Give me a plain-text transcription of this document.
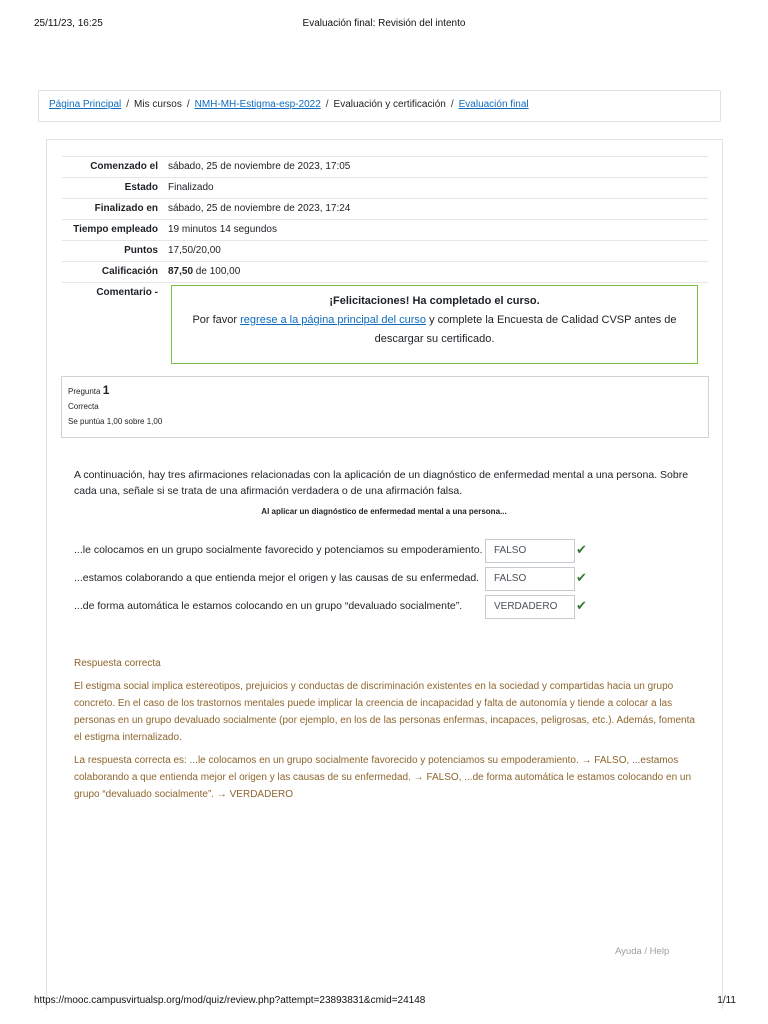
25/11/23, 16:25	Evaluación final: Revisión del intento
Página Principal / Mis cursos / NMH-MH-Estigma-esp-2022 / Evaluación y certificación / Evaluación final
Comenzado el	sábado, 25 de noviembre de 2023, 17:05
Estado	Finalizado
Finalizado en	sábado, 25 de noviembre de 2023, 17:24
Tiempo empleado	19 minutos 14 segundos
Puntos	17,50/20,00
Calificación	87,50 de 100,00
Comentario -	
¡Felicitaciones! Ha completado el curso.
Por favor regrese a la página principal del curso y complete la Encuesta de Calidad CVSP antes de descargar su certificado.
Pregunta 1
Correcta
Se puntúa 1,00 sobre 1,00
A continuación, hay tres afirmaciones relacionadas con la aplicación de un diagnóstico de enfermedad mental a una persona. Sobre cada una, señale si se trata de una afirmación verdadera o de una afirmación falsa.
Al aplicar un diagnóstico de enfermedad mental a una persona...
...le colocamos en un grupo socialmente favorecido y potenciamos su empoderamiento.	FALSO	✔
...estamos colaborando a que entienda mejor el origen y las causas de su enfermedad.	FALSO	✔
...de forma automática le estamos colocando en un grupo “devaluado socialmente”.	VERDADERO	✔

Respuesta correcta

El estigma social implica estereotipos, prejuicios y conductas de discriminación existentes en la sociedad y compartidas hacia un grupo concreto. En el caso de los trastornos mentales puede implicar la creencia de incapacidad y falta de autonomía y tiende a colocar a las personas en un grupo devaluado socialmente (por ejemplo, en los de las personas enfermas, incapaces, peligrosas, etc.). Además, fomenta el estigma internalizado.

La respuesta correcta es: ...le colocamos en un grupo socialmente favorecido y potenciamos su empoderamiento. → FALSO, ...estamos colaborando a que entienda mejor el origen y las causas de su enfermedad. → FALSO, ...de forma automática le estamos colocando en un grupo “devaluado socialmente”. → VERDADERO

Ayuda / Help
https://mooc.campusvirtualsp.org/mod/quiz/review.php?attempt=23893831&cmid=24148	1/11
